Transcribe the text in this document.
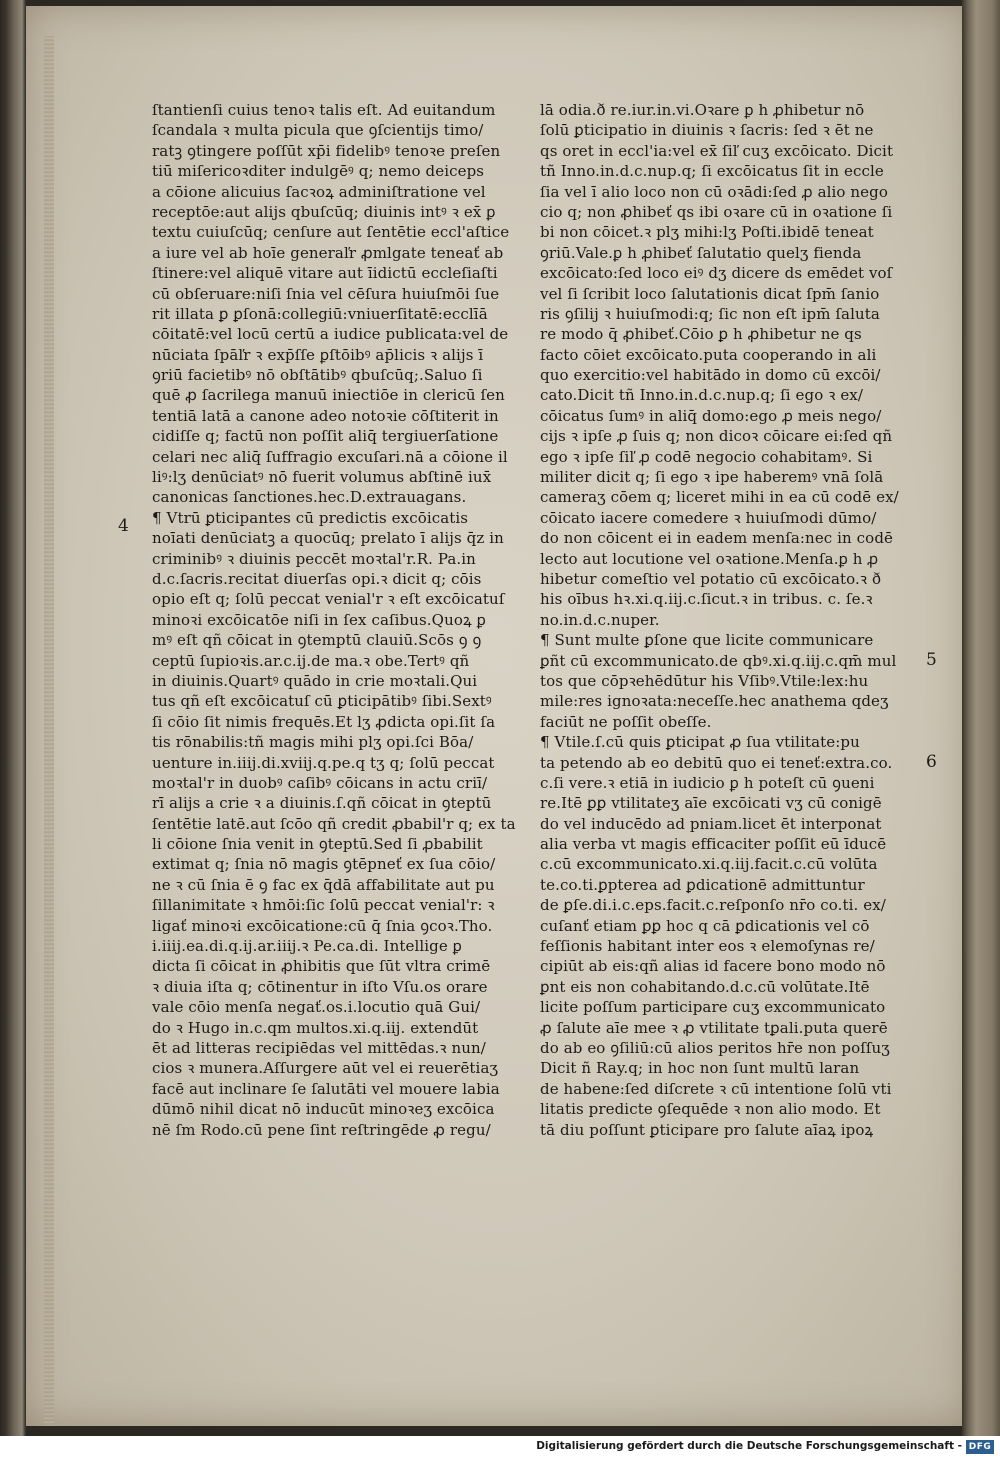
ſtantienſi cuius tenoꝛ talis eſt. Ad euitandum
ſcandala ꝛ multa picula que ꝯſcientijs timo/
ratꝫ ꝯtingere poſſūt xp̄i fidelibꝰ tenoꝛe preſen
tiū miſericoꝛditer indulgēꝰ q; nemo deiceps
a cōione alicuius ſacꝛoꝝ adminiſtratione vel
receptōe:aut alijs qbuſcūq; diuinis intꝰ ꝛ ex̄ ꝑ
textu cuiuſcūq; cenſure aut ſentētie eccl'aſtice
a iure vel ab hoīe generaľr ꝓmlgate teneať ab
ſtinere:vel aliquē vitare aut īidictū eccleſiaſti
cū obſeruare:niſi ſnia vel cēſura huiuſmōi ſue
rit illata ꝑ ꝑſonā:collegiū:vniuerſitatē:ecclīā
cōitatē:vel locū certū a iudice publicata:vel de
nūciata ſpāľr ꝛ exp̄ſſe ꝑſtōibꝰ ap̄licis ꝛ alijs ī
ꝯriū facietibꝰ nō obſtātibꝰ qbuſcūq;.Saluo ſi
quē ꝓ ſacrilega manuū iniectiōe in clericū ſen
tentiā latā a canone adeo notoꝛie cōſtiterit in
cidiſſe q; factū non poſſit aliq̄ tergiuerſatione
celari nec aliq̄ ſuffragio excuſari.nā a cōione il
liꝰ:lʒ denūciatꝰ nō fuerit volumus abſtinē iux̄
canonicas ſanctiones.hec.D.extrauagans.
¶ Vtrū ꝑticipantes cū predictis excōicatis
noīati denūciatꝫ a quocūq; prelato ī alijs q̄z in
criminibꝰ ꝛ diuinis peccēt moꝛtal'r.R. Pa.in
d.c.ſacris.recitat diuerſas opi.ꝛ dicit q; cōis
opio eſt q; ſolū peccat venial'r ꝛ eſt excōicatuſ
minoꝛi excōicatōe niſi in ſex caſibus.Quoꝝ ꝑ
mꝰ eſt qñ cōicat in ꝯtemptū clauiū.Scōs ꝯ ꝯ
ceptū ſupioꝛis.ar.c.ij.de ma.ꝛ obe.Tertꝰ qñ
in diuinis.Quartꝰ quādo in crie moꝛtali.Qui
tus qñ eſt excōicatuſ cū ꝑticipātibꝰ ſibi.Sextꝰ
ſi cōio ſit nimis frequēs.Et lʒ ꝓdicta opi.ſit ſa
tis rōnabilis:tñ magis mihi plʒ opi.ſci Bōa/
uenture in.iiij.di.xviij.q.pe.q tʒ q; ſolū peccat
moꝛtal'r in duobꝰ caſibꝰ cōicans in actu criī/
rī alijs a crie ꝛ a diuinis.ſ.qñ cōicat in ꝯteptū
ſentētie latē.aut ſcōo qñ credit ꝓbabil'r q; ex ta
li cōione ſnia venit in ꝯteptū.Sed ſi ꝓbabilit
extimat q; ſnia nō magis ꝯtēpneť ex ſua cōio/
ne ꝛ cū ſnia ē ꝯ fac ex q̄dā affabilitate aut pu
ſillanimitate ꝛ hmōi:ſic ſolū peccat venial'r: ꝛ
ligať minoꝛi excōicatione:cū q̄ ſnia ꝯcoꝛ.Tho.
i.iiij.ea.di.q.ij.ar.iiij.ꝛ Pe.ca.di. Intellige ꝑ
dicta ſi cōicat in ꝓhibitis que ſūt vltra crimē
ꝛ diuia iſta q; cōtinentur in iſto Vſu.os orare
vale cōio menſa negať.os.i.locutio quā Gui/
do ꝛ Hugo in.c.qm multos.xi.q.iij. extendūt
ēt ad litteras recipiēdas vel mittēdas.ꝛ nun/
cios ꝛ munera.Aſſurgere aūt vel ei reuerētiaʒ
facē aut inclinare ſe ſalutāti vel mouere labia
dūmō nihil dicat nō inducūt minoꝛeʒ excōica
nē ſm Rodo.cū pene ſint reſtringēde ꝓ regu/
lā odia.ð re.iur.in.vi.Oꝛare ꝑ h ꝓhibetur nō
ſolū ꝑticipatio in diuinis ꝛ ſacris: ſed ꝛ ēt ne
qs oret in eccl'ia:vel ex̄ ſiľ cuʒ excōicato. Dicit
tñ Inno.in.d.c.nup.q; ſi excōicatus ſit in eccle
ſia vel ī alio loco non cū oꝛādi:ſed ꝓ alio nego
cio q; non ꝓhibeť qs ibi oꝛare cū in oꝛatione ſi
bi non cōicet.ꝛ plʒ mihi:lʒ Poſti.ibidē teneat
ꝯriū.Vale.ꝑ h ꝓhibeť ſalutatio quelʒ fienda
excōicato:ſed loco eiꝰ dʒ dicere ds emēdet voſ
vel ſi ſcribit loco ſalutationis dicat ſpm̄ ſanio
ris ꝯſilij ꝛ huiuſmodi:q; ſic non eſt ipm̄ ſaluta
re modo q̄ ꝓhibeť.Cōio ꝑ h ꝓhibetur ne qs
facto cōiet excōicato.puta cooperando in ali
quo exercitio:vel habitādo in domo cū excōi/
cato.Dicit tñ Inno.in.d.c.nup.q; ſi ego ꝛ ex/
cōicatus ſumꝰ in aliq̄ domo:ego ꝓ meis nego/
cijs ꝛ ipſe ꝓ ſuis q; non dicoꝛ cōicare ei:ſed qñ
ego ꝛ ipſe ſiľ ꝓ codē negocio cohabitamꝰ. Si
militer dicit q; ſi ego ꝛ ipe haberemꝰ vnā ſolā
cameraʒ cōem q; liceret mihi in ea cū codē ex/
cōicato iacere comedere ꝛ huiuſmodi dūmo/
do non cōicent ei in eadem menſa:nec in codē
lecto aut locutione vel oꝛatione.Menſa.ꝑ h ꝓ
hibetur comeſtio vel potatio cū excōicato.ꝛ ð
his oībus hꝛ.xi.q.iij.c.ſicut.ꝛ in tribus. c. ſe.ꝛ
no.in.d.c.nuper.
¶ Sunt multe ꝑſone que licite communicare
ꝑñt cū excommunicato.de qbꝰ.xi.q.iij.c.qm̄ mul
tos que cōpꝛehēdūtur his Vſibꝰ.Vtile:lex:hu
mile:res ignoꝛata:neceſſe.hec anathema qdeʒ
faciūt ne poſſit obeſſe.
¶ Vtile.ſ.cū quis ꝑticipat ꝓ ſua vtilitate:pu
ta petendo ab eo debitū quo ei teneť:extra.co.
c.ſi vere.ꝛ etiā in iudicio ꝑ h poteſt cū ꝯueni
re.Itē ꝑꝑ vtilitateʒ aīe excōicati vʒ cū conigē
do vel inducēdo ad pniam.licet ēt interponat
alia verba vt magis efficaciter poſſit eū īducē
c.cū excommunicato.xi.q.iij.facit.c.cū volūta
te.co.ti.ꝑpterea ad ꝑdicationē admittuntur
de ꝑſe.di.i.c.eps.facit.c.reſponſo nr̄o co.ti. ex/
cuſanť etiam ꝑꝑ hoc q cā ꝑdicationis vel cō
feſſionis habitant inter eos ꝛ elemoſynas re/
cipiūt ab eis:qñ alias id facere bono modo nō
ꝑnt eis non cohabitando.d.c.cū volūtate.Itē
licite poſſum participare cuʒ excommunicato
ꝓ ſalute aīe mee ꝛ ꝓ vtilitate tꝑali.puta querē
do ab eo ꝯſiliū:cū alios peritos hr̄e non poſſuʒ
Dicit ñ Ray.q; in hoc non ſunt multū laran
de habene:ſed diſcrete ꝛ cū intentione ſolū vti
litatis predicte ꝯſequēde ꝛ non alio modo. Et
tā diu poſſunt ꝑticipare pro ſalute aīaꝝ ipoꝝ
4
5
6
Digitalisierung gefördert durch die Deutsche Forschungsgemeinschaft - DFG
